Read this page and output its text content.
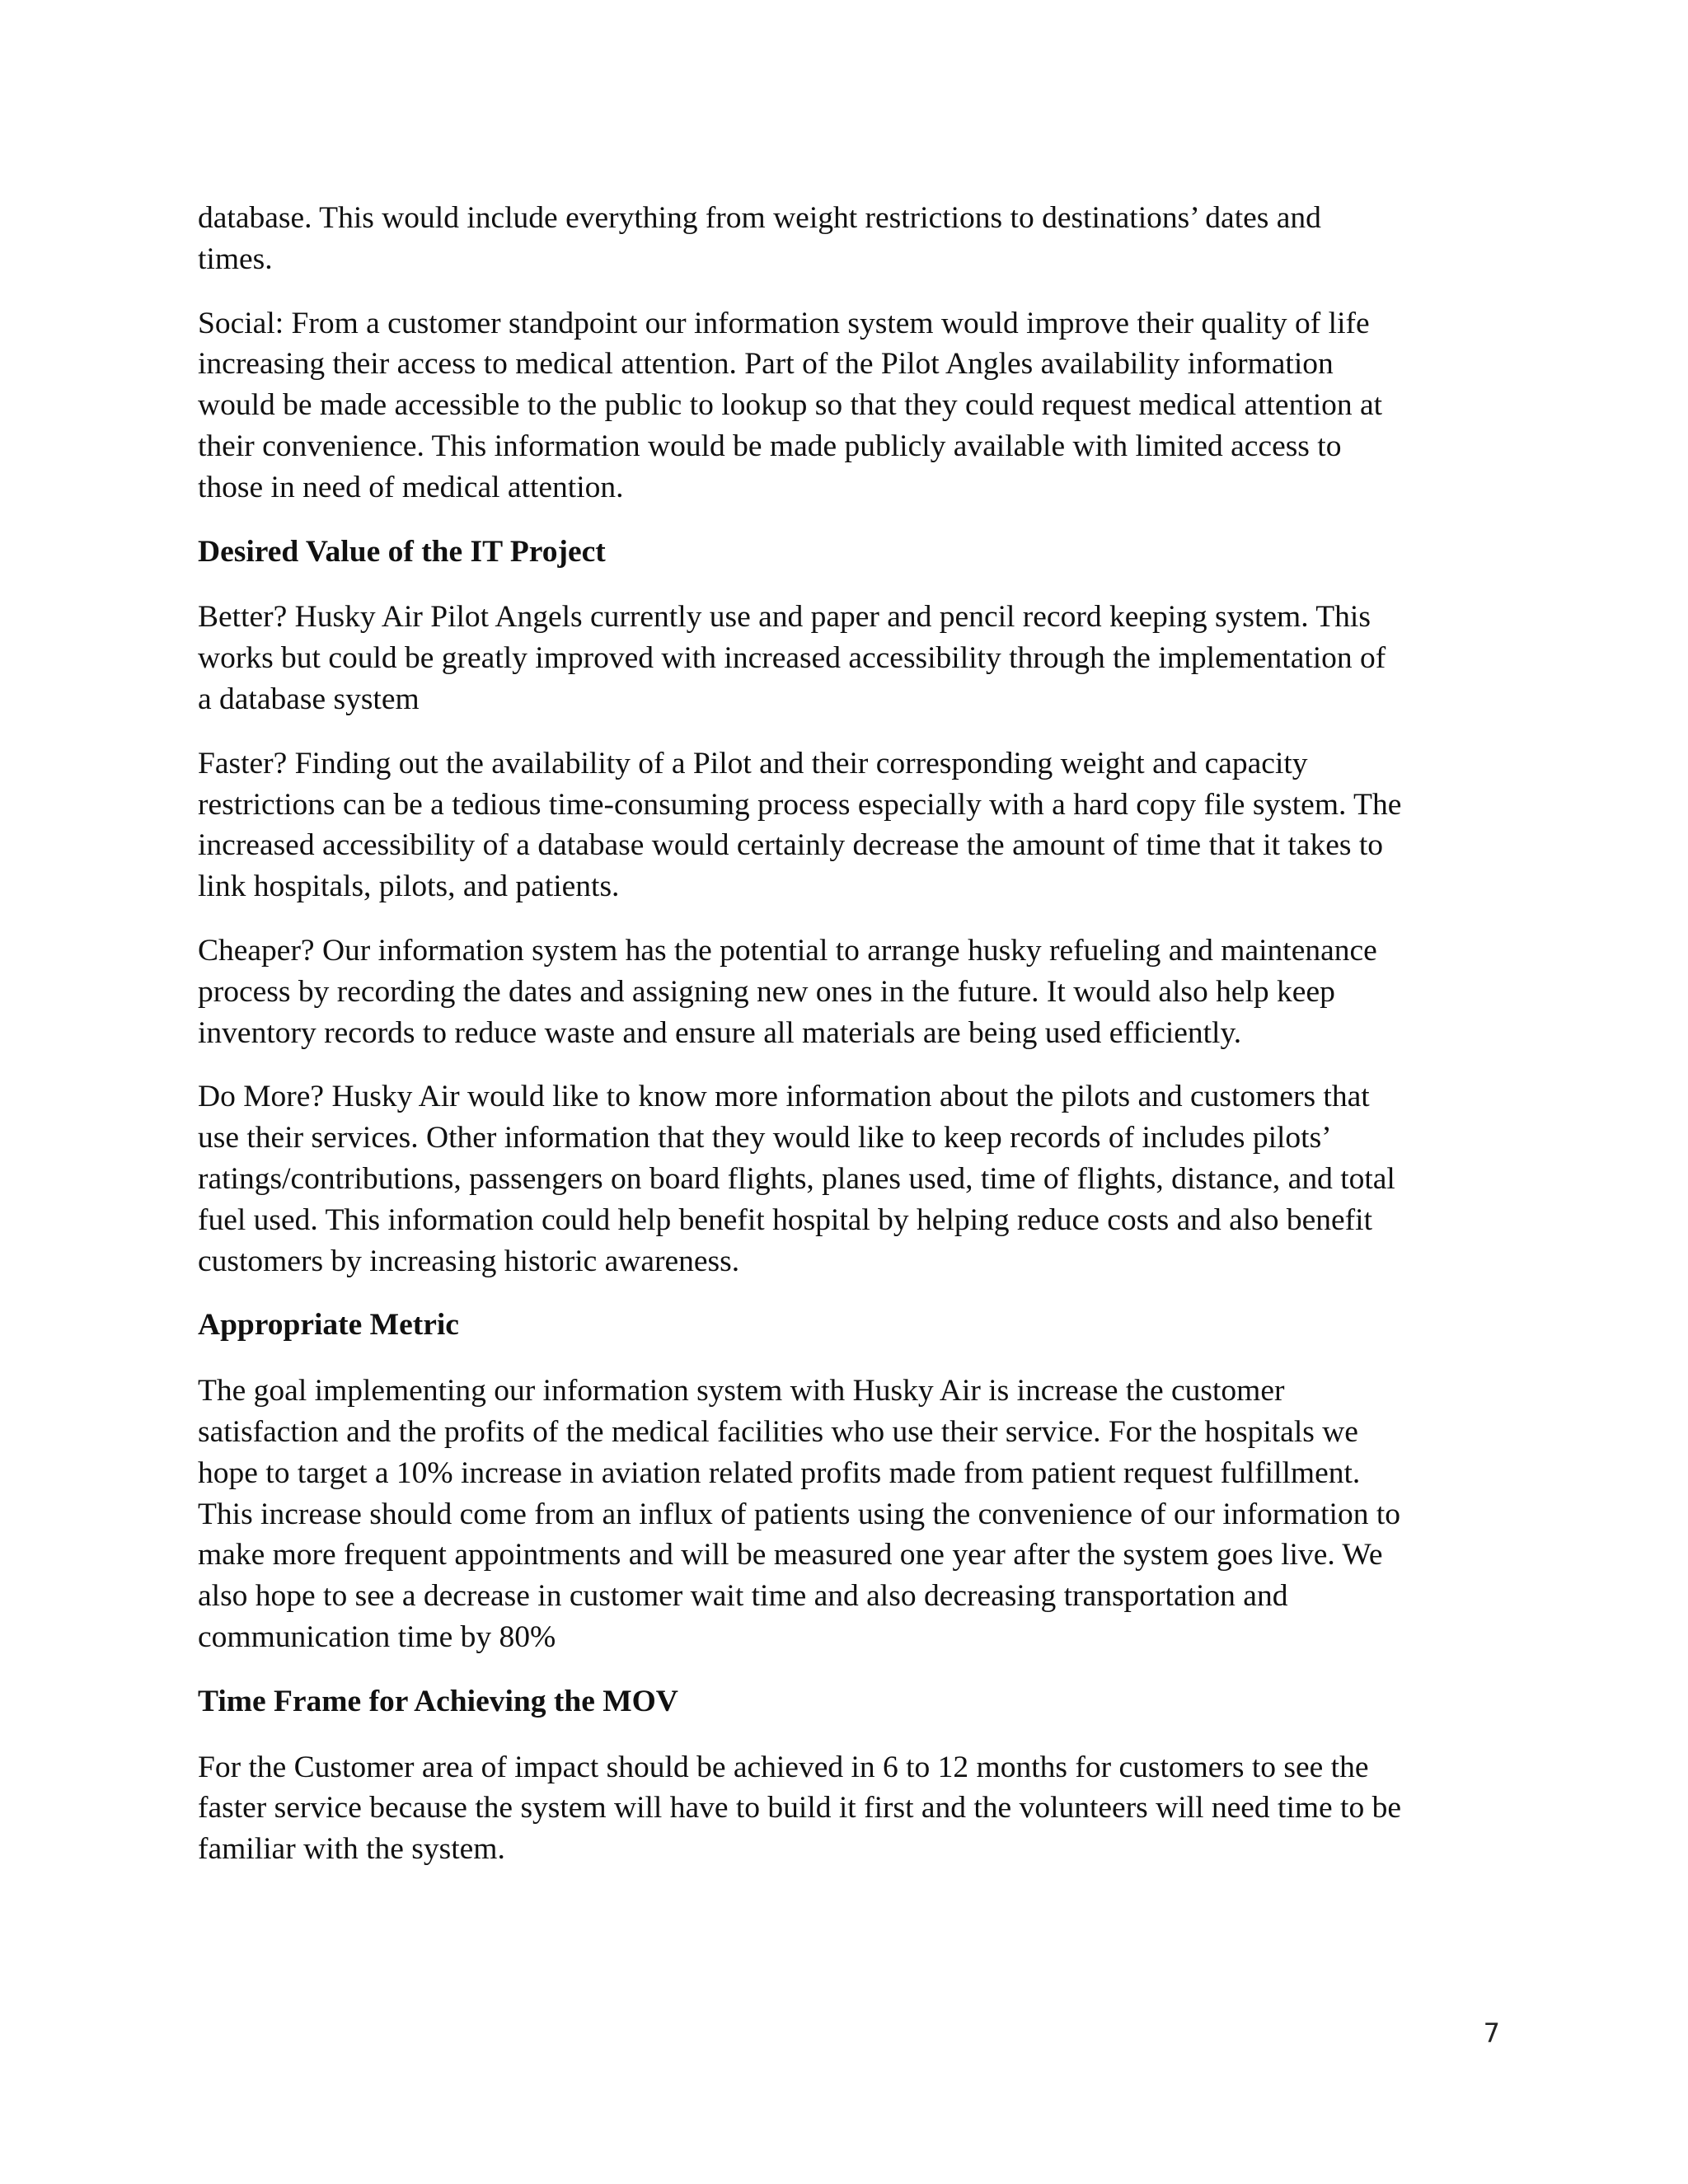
database. This would include everything from weight restrictions to destinations’ dates and
times.
Social: From a customer standpoint our information system would improve their quality of life
increasing their access to medical attention. Part of the Pilot Angles availability information
would be made accessible to the public to lookup so that they could request medical attention at
their convenience. This information would be made publicly available with limited access to
those in need of medical attention.
Desired Value of the IT Project
Better? Husky Air Pilot Angels currently use and paper and pencil record keeping system. This
works but could be greatly improved with increased accessibility through the implementation of
a database system
Faster? Finding out the availability of a Pilot and their corresponding weight and capacity
restrictions can be a tedious time-consuming process especially with a hard copy file system. The
increased accessibility of a database would certainly decrease the amount of time that it takes to
link hospitals, pilots, and patients.
Cheaper? Our information system has the potential to arrange husky refueling and maintenance
process by recording the dates and assigning new ones in the future. It would also help keep
inventory records to reduce waste and ensure all materials are being used efficiently.
Do More? Husky Air would like to know more information about the pilots and customers that
use their services. Other information that they would like to keep records of includes pilots’
ratings/contributions, passengers on board flights, planes used, time of flights, distance, and total
fuel used. This information could help benefit hospital by helping reduce costs and also benefit
customers by increasing historic awareness.
Appropriate Metric
The goal implementing our information system with Husky Air is increase the customer
satisfaction and the profits of the medical facilities who use their service. For the hospitals we
hope to target a 10% increase in aviation related profits made from patient request fulfillment.
This increase should come from an influx of patients using the convenience of our information to
make more frequent appointments and will be measured one year after the system goes live. We
also hope to see a decrease in customer wait time and also decreasing transportation and
communication time by 80%
Time Frame for Achieving the MOV
For the Customer area of impact should be achieved in 6 to 12 months for customers to see the
faster service because the system will have to build it first and the volunteers will need time to be
familiar with the system.
7
